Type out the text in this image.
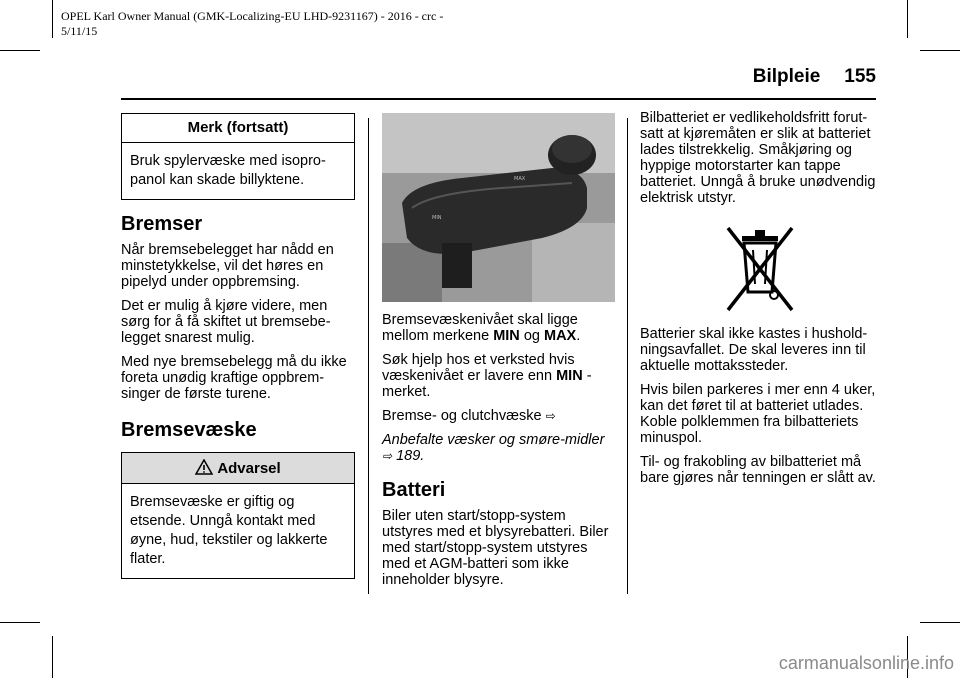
OPEL Karl Owner Manual (GMK-Localizing-EU LHD-9231167) - 2016 - crc -
5/11/15
Bilpleie 155
Merk (fortsatt)
Bruk spylervæske med isopro-
panol kan skade billyktene.
Bremser

Når bremsebelegget har nådd en minstetykkelse, vil det høres en pipelyd under oppbremsing.

Det er mulig å kjøre videre, men sørg for å få skiftet ut bremsebe-legget snarest mulig.

Med nye bremsebelegg må du ikke foreta unødig kraftige oppbrem-singer de første turene.

Bremsevæske
Advarsel
Bremsevæske er giftig og etsende. Unngå kontakt med øyne, hud, tekstiler og lakkerte flater.
MAX
MIN

Bremsevæskenivået skal ligge mellom merkene MIN og MAX.

Søk hjelp hos et verksted hvis væskenivået er lavere enn MIN -merket.

Bremse- og clutchvæske ⇨

Anbefalte væsker og smøre-midler ⇨ 189.

Batteri

Biler uten start/stopp-system utstyres med et blysyrebatteri. Biler med start/stopp-system utstyres med et AGM-batteri som ikke inneholder blysyre.

Bilbatteriet er vedlikeholdsfritt forut-satt at kjøremåten er slik at batteriet lades tilstrekkelig. Småkjøring og hyppige motorstarter kan tappe batteriet. Unngå å bruke unødvendig elektrisk utstyr.

Batterier skal ikke kastes i hushold-ningsavfallet. De skal leveres inn til aktuelle mottakssteder.

Hvis bilen parkeres i mer enn 4 uker, kan det føret til at batteriet utlades. Koble polklemmen fra bilbatteriets minuspol.

Til- og frakobling av bilbatteriet må bare gjøres når tenningen er slått av.

carmanualsonline.info
